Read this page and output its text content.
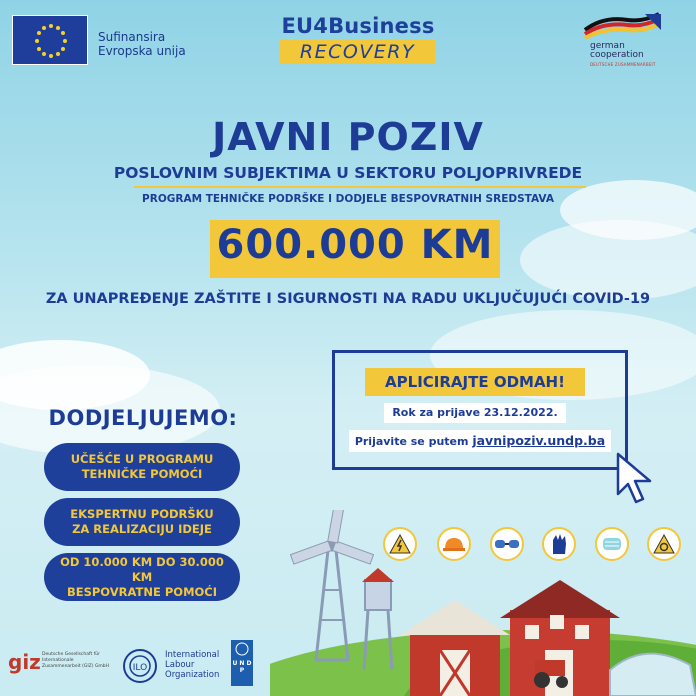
Sufinansira
Evropska unija
EU4Business
RECOVERY	german
cooperation
DEUTSCHE ZUSAMMENARBEIT
JAVNI POZIV
POSLOVNIM SUBJEKTIMA U SEKTORU POLJOPRIVREDE
PROGRAM TEHNIČKE PODRŠKE I DODJELE BESPOVRATNIH SREDSTAVA
600.000 KM
ZA UNAPREĐENJE ZAŠTITE I SIGURNOSTI NA RADU UKLJUČUJUĆI COVID-19
APLICIRAJTE ODMAH!
Rok za prijave 23.12.2022.
Prijavite se putem javnipoziv.undp.ba
DODJELJUJEMO:
UČEŠĆE U PROGRAMU
TEHNIČKE POMOĆI
EKSPERTNU PODRŠKU
ZA REALIZACIJU IDEJE
OD 10.000 KM DO 30.000 KM
BESPOVRATNE POMOĆI
giz Deutsche Gesellschaft für Internationale Zusammenarbeit (GIZ) GmbH	ILO
International
Labour
Organization
U N D P
